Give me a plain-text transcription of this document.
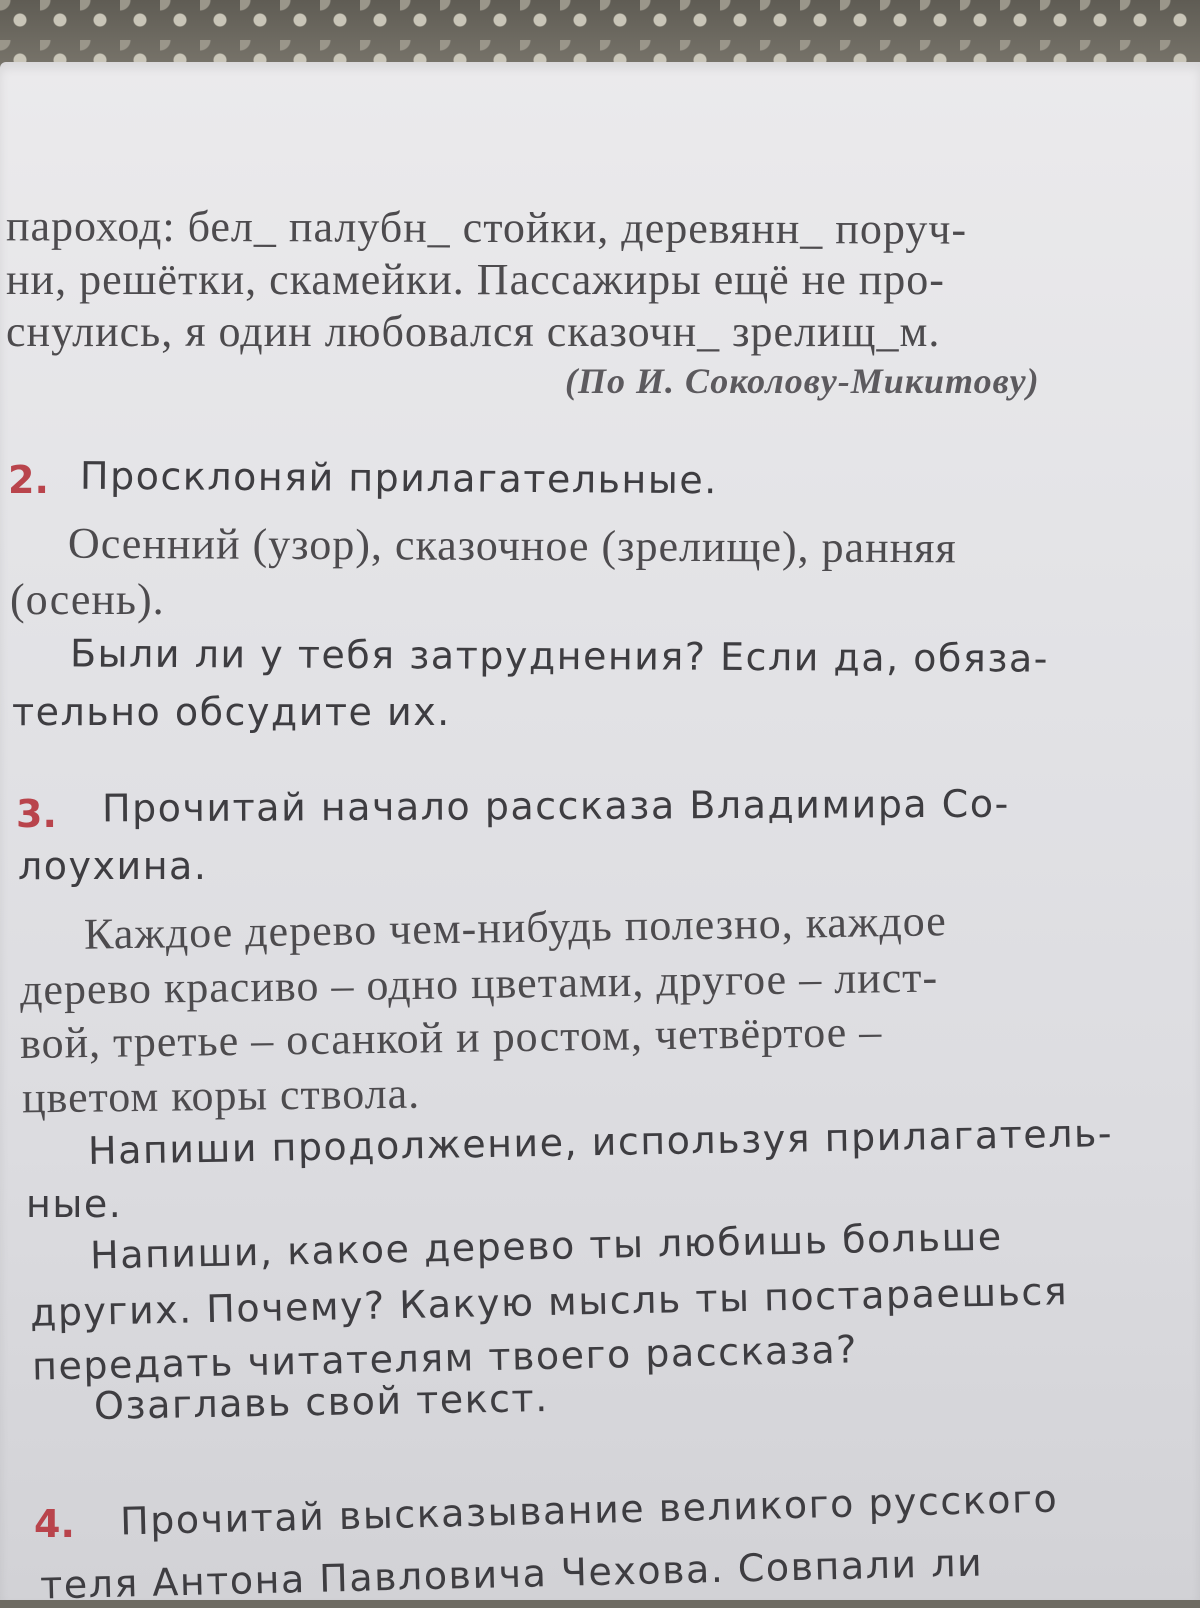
пароход: бел_ палубн_ стойки, деревянн_ поруч-
ни, решётки, скамейки. Пассажиры ещё не про-
снулись, я один любовался сказочн_ зрелищ_м.
(По И. Соколову-Микитову)
2. Просклоняй прилагательные.
Осенний (узор), сказочное (зрелище), ранняя
(осень).
Были ли у тебя затруднения? Если да, обяза-
тельно обсудите их.
3. Прочитай начало рассказа Владимира Со-
лоухина.
Каждое дерево чем-нибудь полезно, каждое
дерево красиво – одно цветами, другое – лист-
вой, третье – осанкой и ростом, четвёртое –
цветом коры ствола.
Напиши продолжение, используя прилагатель-
ные.
Напиши, какое дерево ты любишь больше
других. Почему? Какую мысль ты постараешься
передать читателям твоего рассказа?
Озаглавь свой текст.
4. Прочитай высказывание великого русского
теля Антона Павловича Чехова. Совпали ли
